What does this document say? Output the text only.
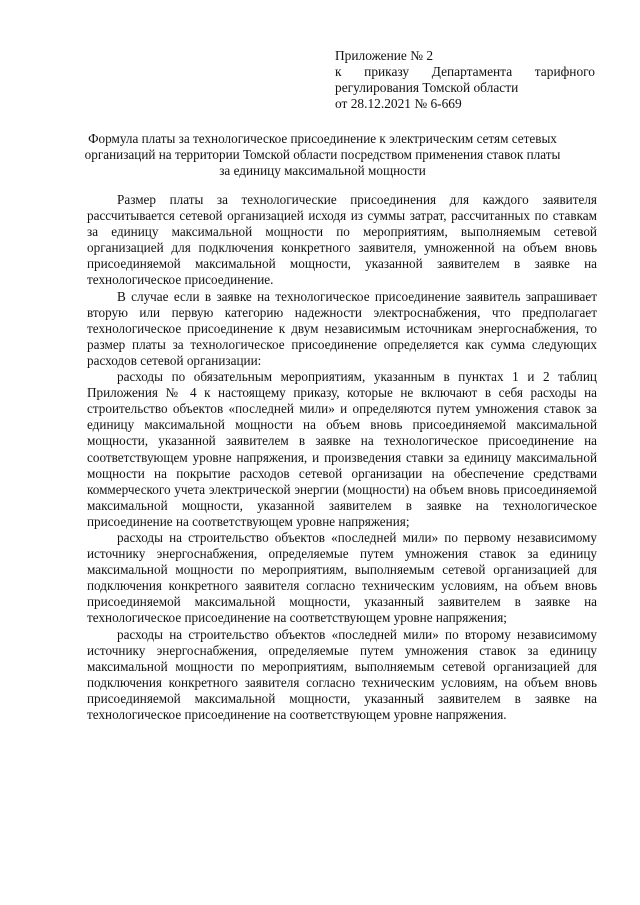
Приложение № 2
к приказу Департамента тарифного
регулирования Томской области
от 28.12.2021 № 6-669
Формула платы за технологическое присоединение к электрическим сетям сетевых организаций на территории Томской области посредством применения ставок платы за единицу максимальной мощности

Размер платы за технологические присоединения для каждого заявителя рассчитывается сетевой организацией исходя из суммы затрат, рассчитанных по ставкам за единицу максимальной мощности по мероприятиям, выполняемым сетевой организацией для подключения конкретного заявителя, умноженной на объем вновь присоединяемой максимальной мощности, указанной заявителем в заявке на технологическое присоединение.

В случае если в заявке на технологическое присоединение заявитель запрашивает вторую или первую категорию надежности электроснабжения, что предполагает технологическое присоединение к двум независимым источникам энергоснабжения, то размер платы за технологическое присоединение определяется как сумма следующих расходов сетевой организации:

расходы по обязательным мероприятиям, указанным в пунктах 1 и 2 таблиц Приложения № 4 к настоящему приказу, которые не включают в себя расходы на строительство объектов «последней мили» и определяются путем умножения ставок за единицу максимальной мощности на объем вновь присоединяемой максимальной мощности, указанной заявителем в заявке на технологическое присоединение на соответствующем уровне напряжения, и произведения ставки за единицу максимальной мощности на покрытие расходов сетевой организации на обеспечение средствами коммерческого учета электрической энергии (мощности) на объем вновь присоединяемой максимальной мощности, указанной заявителем в заявке на технологическое присоединение на соответствующем уровне напряжения;

расходы на строительство объектов «последней мили» по первому независимому источнику энергоснабжения, определяемые путем умножения ставок за единицу максимальной мощности по мероприятиям, выполняемым сетевой организацией для подключения конкретного заявителя согласно техническим условиям, на объем вновь присоединяемой максимальной мощности, указанный заявителем в заявке на технологическое присоединение на соответствующем уровне напряжения;

расходы на строительство объектов «последней мили» по второму независимому источнику энергоснабжения, определяемые путем умножения ставок за единицу максимальной мощности по мероприятиям, выполняемым сетевой организацией для подключения конкретного заявителя согласно техническим условиям, на объем вновь присоединяемой максимальной мощности, указанный заявителем в заявке на технологическое присоединение на соответствующем уровне напряжения.
